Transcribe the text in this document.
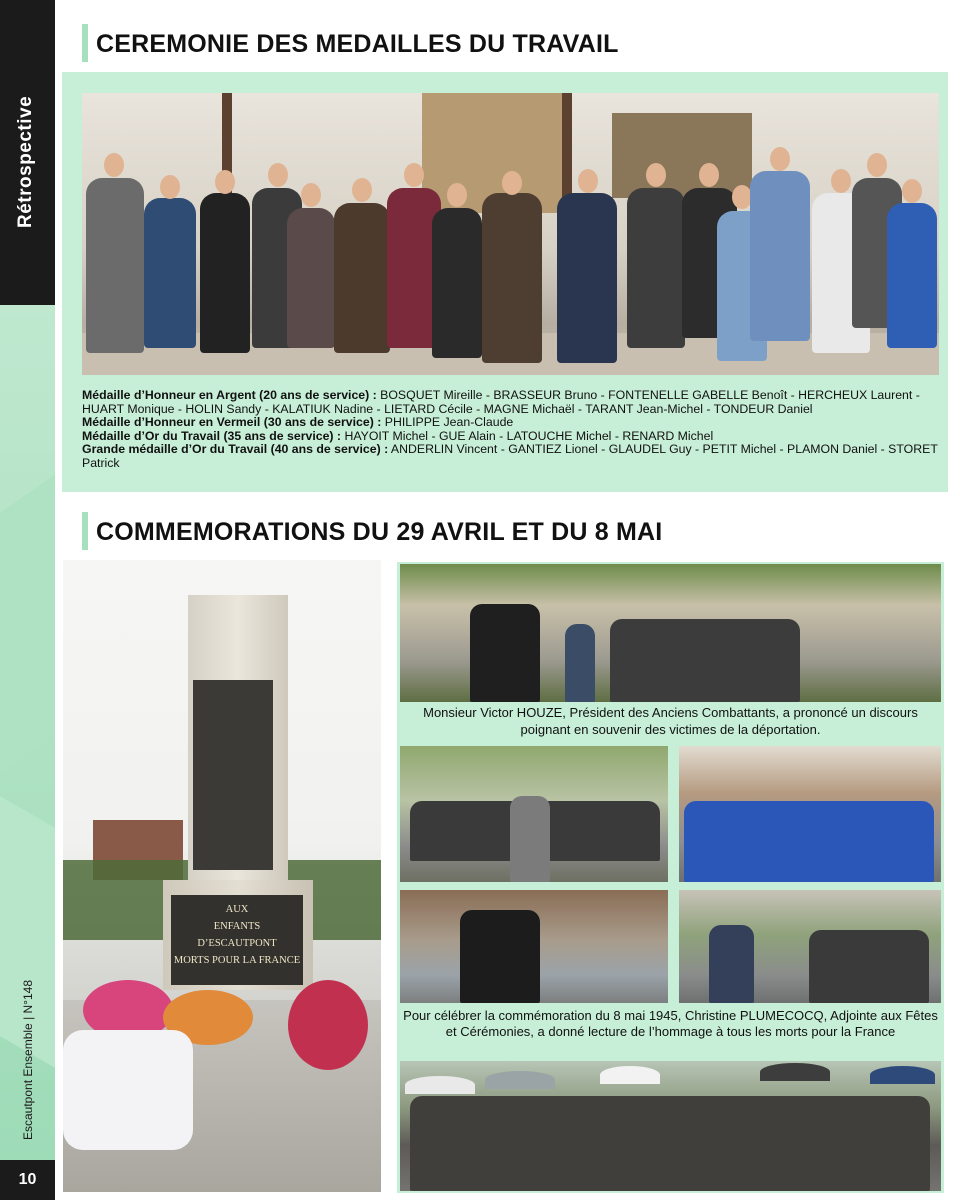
Rétrospective
Escautpont Ensemble | N°148
10
CEREMONIE DES MEDAILLES DU TRAVAIL

Médaille d’Honneur en Argent (20 ans de service) : BOSQUET Mireille - BRASSEUR Bruno - FONTENELLE GABELLE Benoît - HERCHEUX Laurent - HUART Monique - HOLIN Sandy - KALATIUK Nadine - LIETARD Cécile - MAGNE Michaël - TARANT Jean-Michel - TONDEUR Daniel

Médaille d’Honneur en Vermeil (30 ans de service) : PHILIPPE Jean-Claude

Médaille d’Or du Travail (35 ans de service) : HAYOIT Michel - GUE Alain - LATOUCHE Michel - RENARD Michel

Grande médaille d’Or du Travail (40 ans de service) : ANDERLIN Vincent - GANTIEZ Lionel - GLAUDEL Guy - PETIT Michel - PLAMON Daniel - STORET Patrick

COMMEMORATIONS DU 29 AVRIL ET DU 8 MAI
AUX
ENFANTS
D’ESCAUTPONT
MORTS POUR LA FRANCE
Monsieur Victor HOUZE, Président des Anciens Combattants, a prononcé un discours poignant en souvenir des victimes de la déportation.
Pour célébrer la commémoration du 8 mai 1945, Christine PLUMECOCQ, Adjointe aux Fêtes et Cérémonies, a donné lecture de l’hommage à tous les morts pour la France
